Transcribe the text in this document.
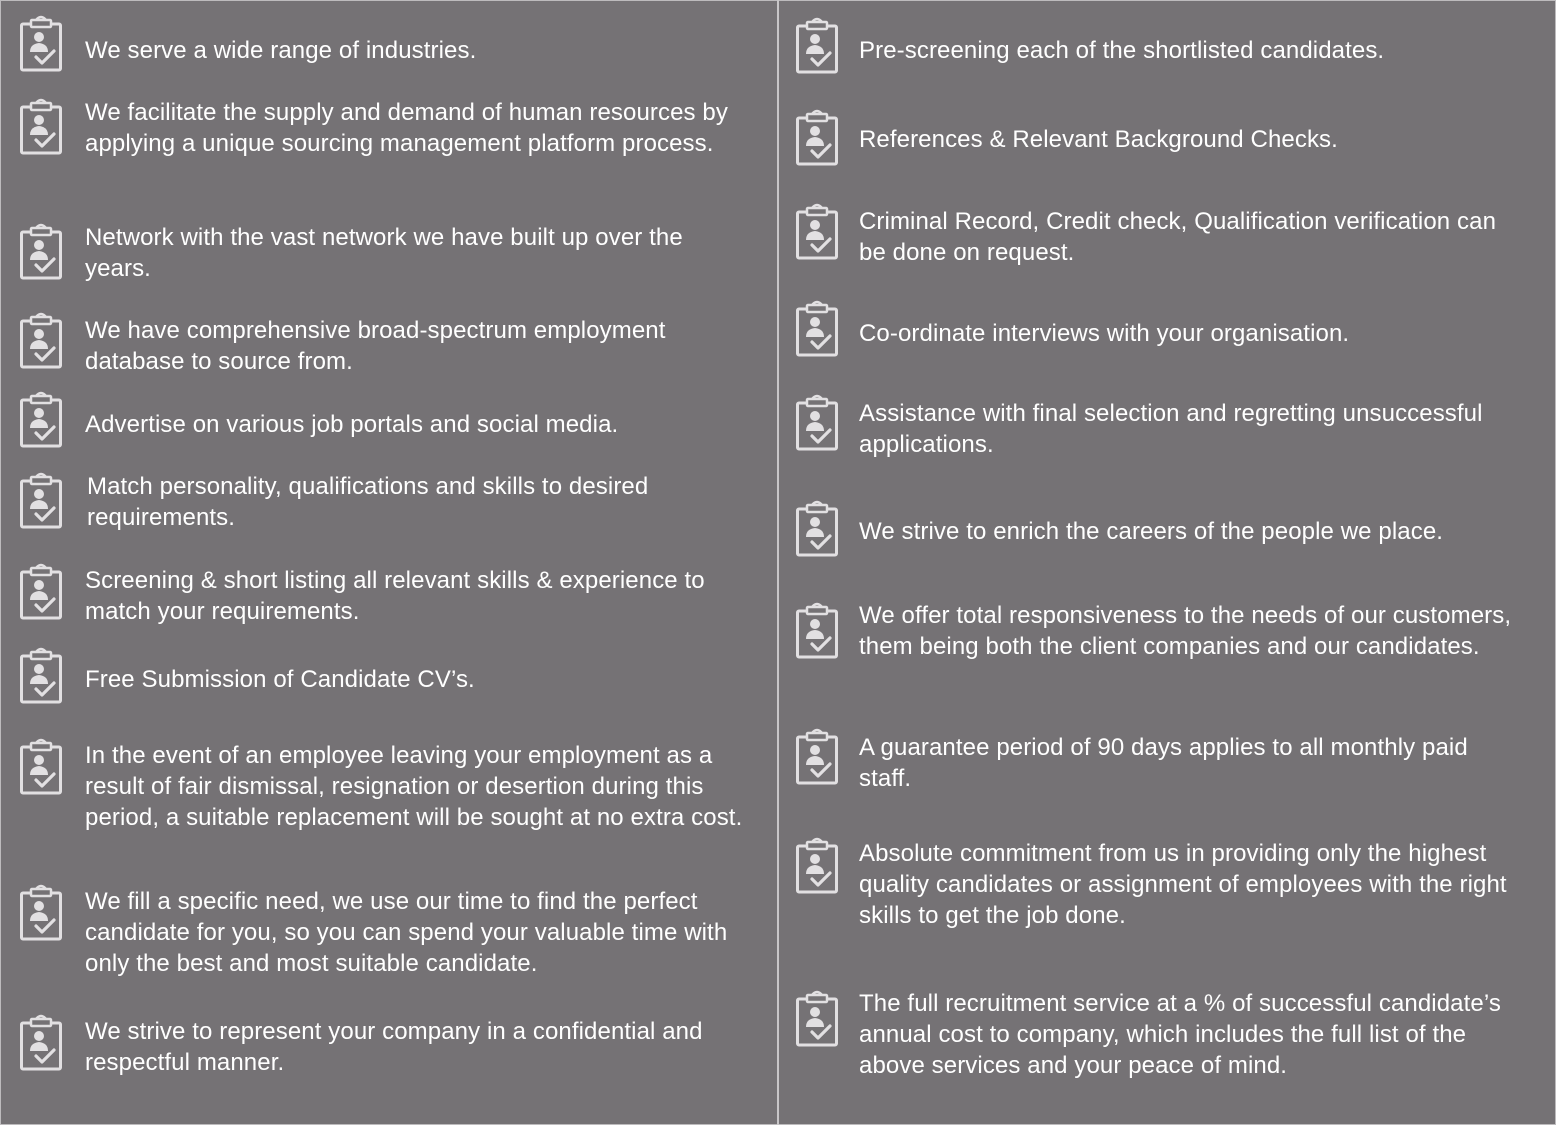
We serve a wide range of industries.
We facilitate the supply and demand of human resources by applying a unique sourcing management platform process.
Network with the vast network we have built up over the years.
We have comprehensive broad-spectrum employment database to source from.
Advertise on various job portals and social media.
Match personality, qualifications and skills to desired requirements.
Screening & short listing all relevant skills & experience to match your requirements.
Free Submission of Candidate CV’s.
In the event of an employee leaving your employment as a result of fair dismissal, resignation or desertion during this period, a suitable replacement will be sought at no extra cost.
We fill a specific need, we use our time to find the perfect candidate for you, so you can spend your valuable time with only the best and most suitable candidate.
We strive to represent your company in a confidential and respectful manner.
Pre-screening each of the shortlisted candidates.
References & Relevant Background Checks.
Criminal Record, Credit check, Qualification verification can be done on request.
Co-ordinate interviews with your organisation.
Assistance with final selection and regretting unsuccessful applications.
We strive to enrich the careers of the people we place.
We offer total responsiveness to the needs of our customers, them being both the client companies and our candidates.
A guarantee period of 90 days applies to all monthly paid staff.
Absolute commitment from us in providing only the highest quality candidates or assignment of employees with the right skills to get the job done.
The full recruitment service at a % of successful candidate’s annual cost to company, which includes the full list of the above services and your peace of mind.
